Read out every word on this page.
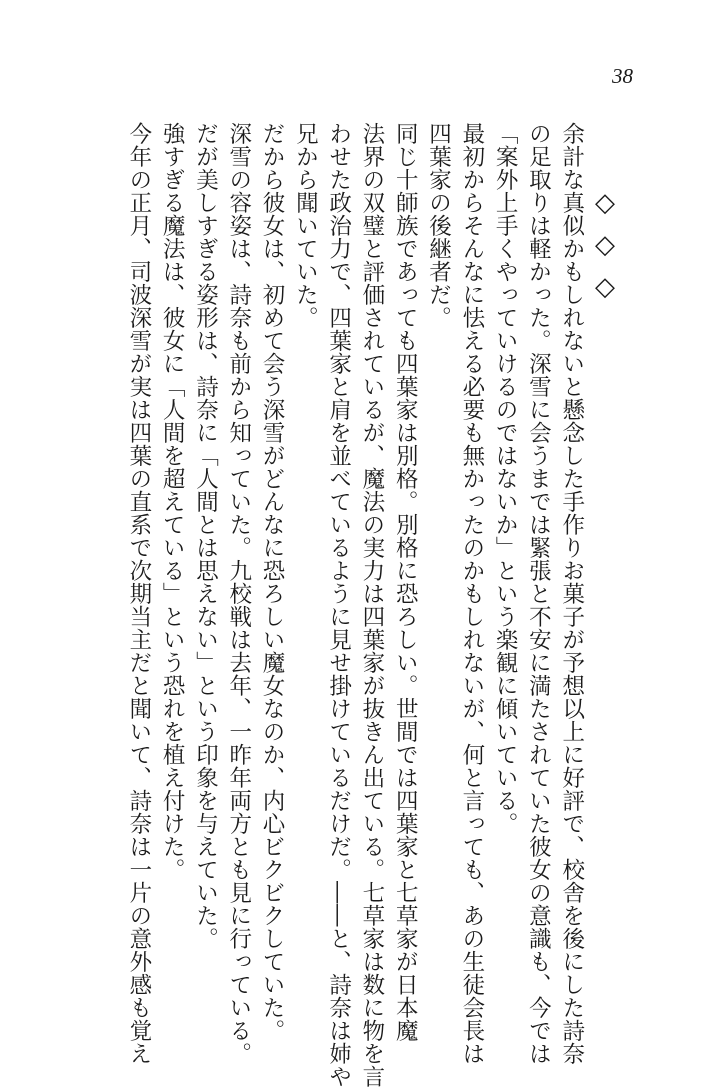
38

◇◇◇

余計な真似かもしれないと懸念した手作りお菓子が予想以上に好評で、校舎を後にした詩奈

の足取りは軽かった。深雪に会うまでは緊張と不安に満たされていた彼女の意識も、今では

「案外上手くやっていけるのではないか」という楽観に傾いている。

最初からそんなに怯える必要も無かったのかもしれないが、何と言っても、あの生徒会長は

四葉家の後継者だ。

同じ十師族であっても四葉家は別格。別格に恐ろしい。世間では四葉家と七草家が日本魔

法界の双璧と評価されているが、魔法の実力は四葉家が抜きん出ている。七草家は数に物を言

わせた政治力で、四葉家と肩を並べているように見せ掛けているだけだ。――と、詩奈は姉や

兄から聞いていた。

だから彼女は、初めて会う深雪がどんなに恐ろしい魔女なのか、内心ビクビクしていた。

深雪の容姿は、詩奈も前から知っていた。九校戦は去年、一昨年両方とも見に行っている。

だが美しすぎる姿形は、詩奈に「人間とは思えない」という印象を与えていた。

強すぎる魔法は、彼女に「人間を超えている」という恐れを植え付けた。

今年の正月、司波深雪が実は四葉の直系で次期当主だと聞いて、詩奈は一片の意外感も覚え
